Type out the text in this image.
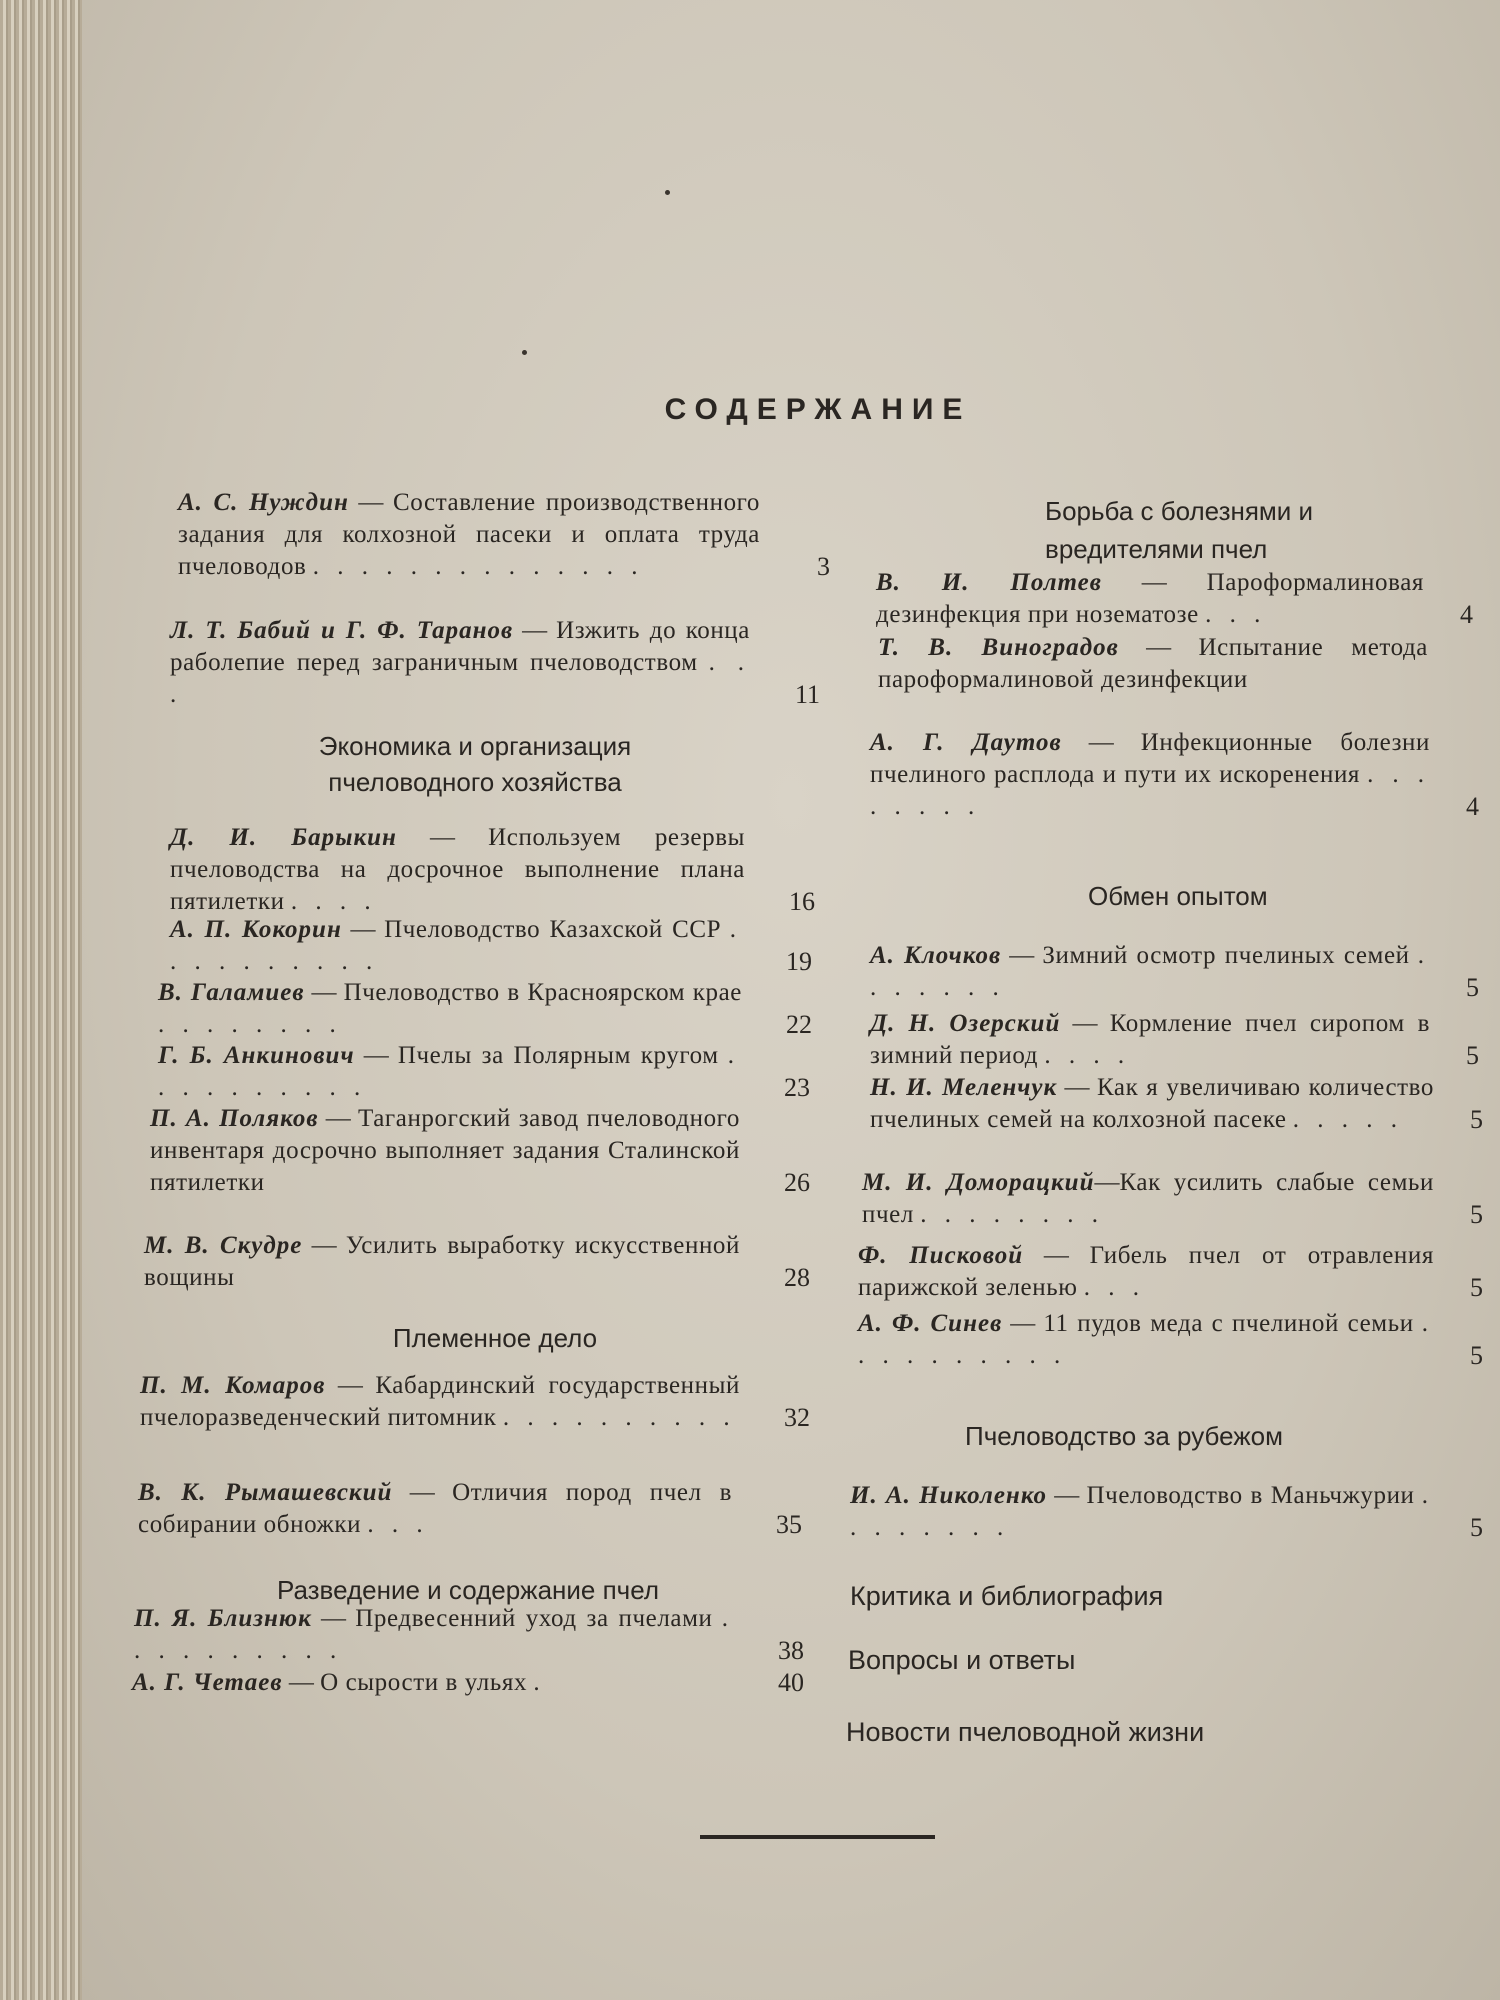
СОДЕРЖАНИЕ
А. С. Нуждин — Составление производственного задания для колхозной пасеки и оплата труда пчеловодов . . . . . . . . . . . . . .	3
Л. Т. Бабий и Г. Ф. Таранов — Изжить до конца раболепие перед заграничным пчеловодством . . .	11
Экономика и организация пчеловодного хозяйства
Д. И. Барыкин — Используем резервы пчеловодства на досрочное выполнение плана пятилетки . . . .	16
А. П. Кокорин — Пчеловодство Казахской ССР . . . . . . . . . .	19
В. Галамиев — Пчеловодство в Красноярском крае . . . . . . . .	22
Г. Б. Анкинович — Пчелы за Полярным кругом . . . . . . . . . .	23
П. А. Поляков — Таганрогский завод пчеловодного инвентаря досрочно выполняет задания Сталинской пятилетки	26
М. В. Скудре — Усилить выработку искусственной вощины	28
Племенное дело
П. М. Комаров — Кабардинский государственный пчелоразведенческий питомник . . . . . . . . . .	32
В. К. Рымашевский — Отличия пород пчел в собирании обножки . . .	35
Разведение и содержание пчел
П. Я. Близнюк — Предвесенний уход за пчелами . . . . . . . . . .	38
А. Г. Четаев — О сырости в ульях .	40
Борьба с болезнями и вредителями пчел
В. И. Полтев — Пароформалиновая дезинфекция при нозематозе . . .	4
Т. В. Виноградов — Испытание метода пароформалиновой дезинфекции
А. Г. Даутов — Инфекционные болезни пчелиного расплода и пути их искоренения . . . . . . . .	4
Обмен опытом
А. Клочков — Зимний осмотр пчелиных семей . . . . . . .	5
Д. Н. Озерский — Кормление пчел сиропом в зимний период . . . .	5
Н. И. Меленчук — Как я увеличиваю количество пчелиных семей на колхозной пасеке . . . . .	5
М. И. Доморацкий—Как усилить слабые семьи пчел . . . . . . . .	5
Ф. Писковой — Гибель пчел от отравления парижской зеленью . . .	5
А. Ф. Синев — 11 пудов меда с пчелиной семьи . . . . . . . . . .	5
Пчеловодство за рубежом
И. А. Николенко — Пчеловодство в Маньчжурии . . . . . . . .	5
Критика и библиография
Вопросы и ответы
Новости пчеловодной жизни
